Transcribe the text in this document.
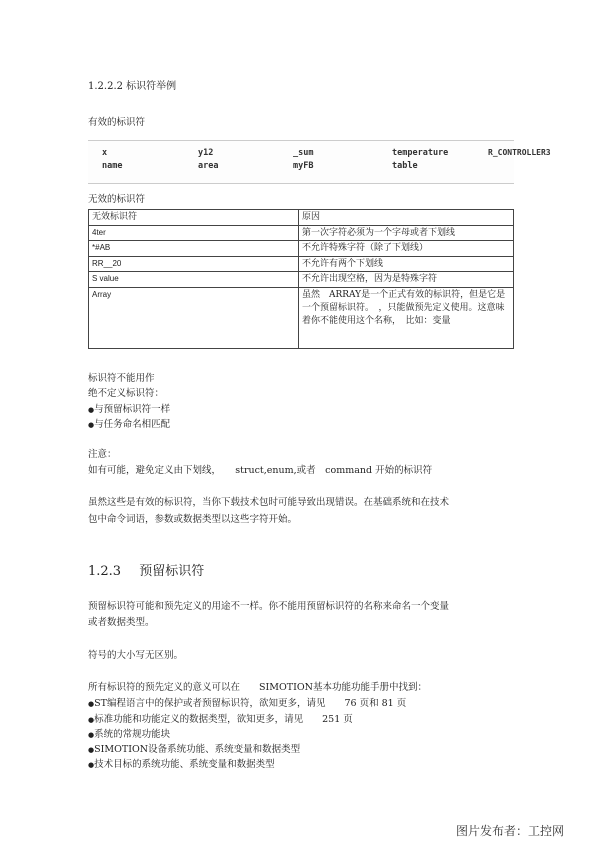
1.2.2.2 标识符举例
有效的标识符
x	y12	_sum	temperature	R_CONTROLLER3
name	area	myFB	table
无效的标识符
无效标识符	原因
4ter	第一次字符必须为一个字母或者下划线
*#AB	不允许特殊字符（除了下划线）
RR__20	不允许有两个下划线
S value	不允许出现空格，因为是特殊字符
Array	虽然　ARRAY是一个正式有效的标识符，但是它是一个预留标识符。　，只能做预先定义使用。这意味着你不能使用这个名称，　比如：变量
标识符不能用作
绝不定义标识符：
●与预留标识符一样
●与任务命名相匹配
注意：
如有可能，避免定义由下划线，　　struct,enum,或者　command 开始的标识符
虽然这些是有效的标识符，当你下载技术包时可能导致出现错误。在基础系统和在技术
包中命令词语，参数或数据类型以这些字符开始。
1.2.3 预留标识符
预留标识符可能和预先定义的用途不一样。你不能用预留标识符的名称来命名一个变量
或者数据类型。
符号的大小写无区别。
所有标识符的预先定义的意义可以在　　SIMOTION基本功能功能手册中找到：
●ST编程语言中的保护或者预留标识符，欲知更多，请见　　76 页和 81 页
●标准功能和功能定义的数据类型，欲知更多，请见　　251 页
●系统的常规功能块
●SIMOTION设备系统功能、系统变量和数据类型
●技术目标的系统功能、系统变量和数据类型
图片发布者：工控网
